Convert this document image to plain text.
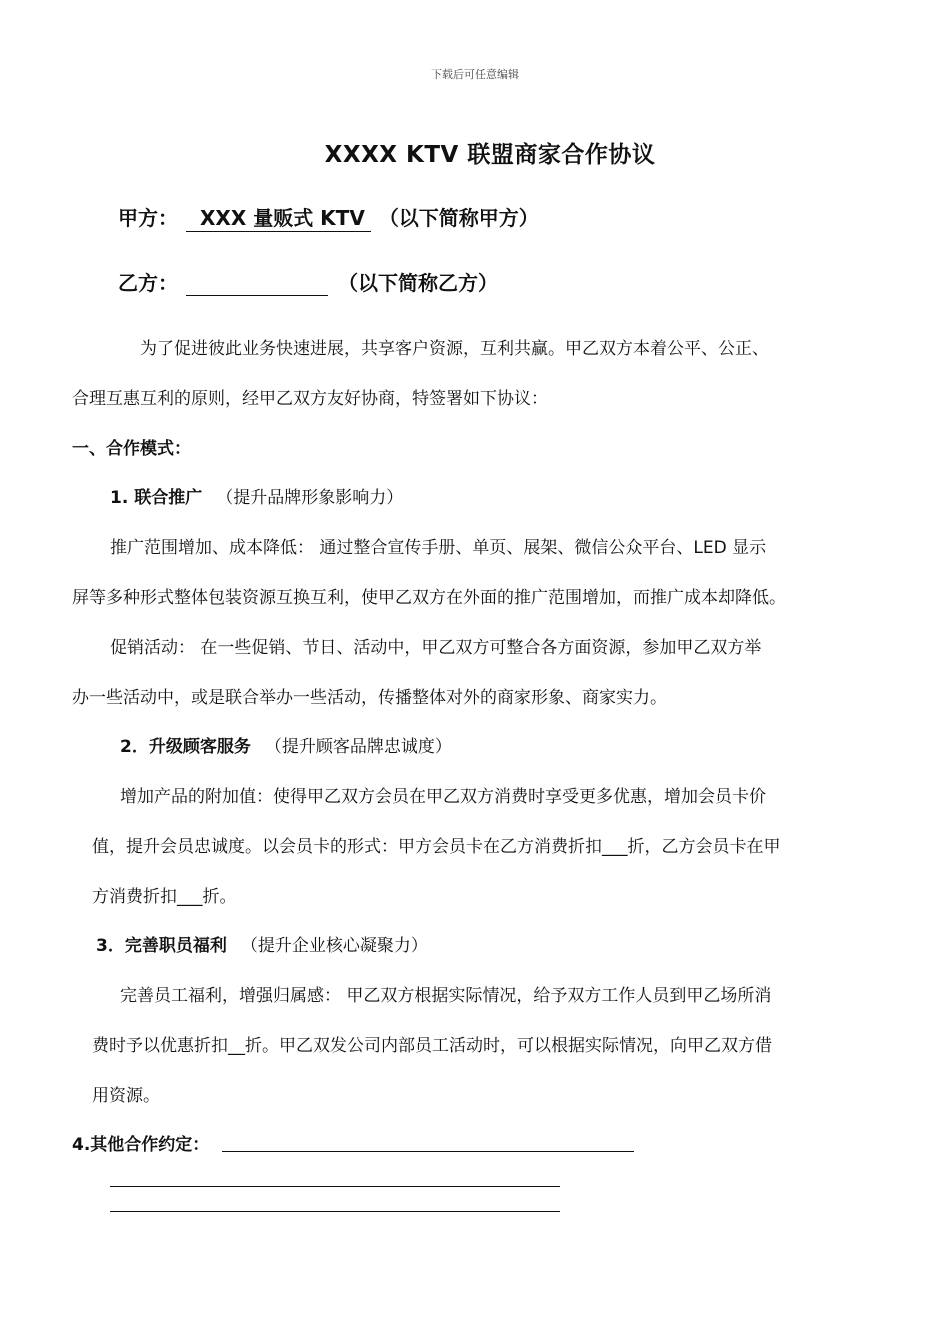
下载后可任意编辑
XXXX KTV 联盟商家合作协议
甲方： XXX 量贩式 KTV （以下简称甲方）
乙方：	（以下简称乙方）
为了促进彼此业务快速进展，共享客户资源，互利共赢。甲乙双方本着公平、公正、
合理互惠互利的原则，经甲乙双方友好协商，特签署如下协议：
一、合作模式：
1. 联合推广 （提升品牌形象影响力）
推广范围增加、成本降低： 通过整合宣传手册、单页、展架、微信公众平台、LED 显示
屏等多种形式整体包装资源互换互利，使甲乙双方在外面的推广范围增加，而推广成本却降低。
促销活动： 在一些促销、节日、活动中，甲乙双方可整合各方面资源，参加甲乙双方举
办一些活动中，或是联合举办一些活动，传播整体对外的商家形象、商家实力。
2．升级顾客服务 （提升顾客品牌忠诚度）
增加产品的附加值：使得甲乙双方会员在甲乙双方消费时享受更多优惠，增加会员卡价
值，提升会员忠诚度。以会员卡的形式：甲方会员卡在乙方消费折扣___折，乙方会员卡在甲
方消费折扣___折。
3．完善职员福利 （提升企业核心凝聚力）
完善员工福利，增强归属感： 甲乙双方根据实际情况，给予双方工作人员到甲乙场所消
费时予以优惠折扣__折。甲乙双发公司内部员工活动时，可以根据实际情况，向甲乙双方借
用资源。
4.其他合作约定：
